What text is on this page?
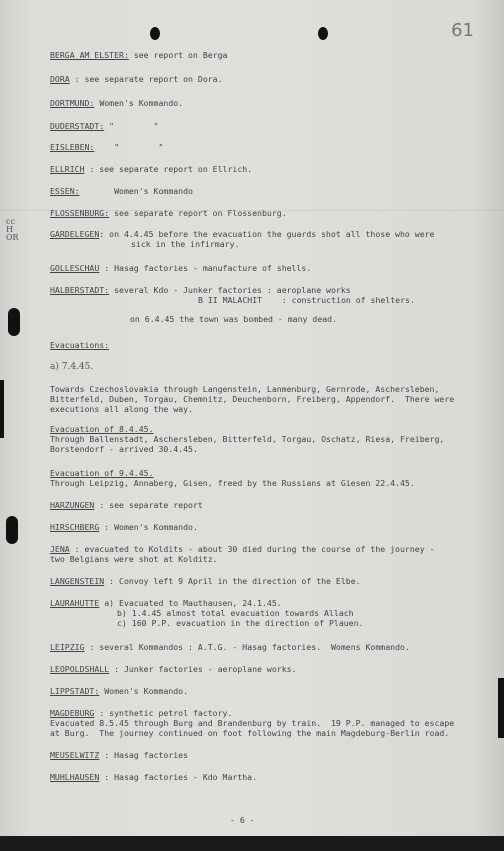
61
cc
H
OR
BERGA AM ELSTER: see report on Berga
DORA : see separate report on Dora.
DORTMUND: Women's Kommando.
DUDERSTADT: "        "
EISLEBEN: "        "
ELLRICH : see separate report on Ellrich.
ESSEN:	Women's Kommando
FLOSSENBURG: see separate report on Flossenburg.
GARDELEGEN: on 4.4.45 before the evacuation the guards shot all those who were
sick in the infirmary.
GOLLESCHAU : Hasag factories - manufacture of shells.
HALBERSTADT: several Kdo - Junker factories : aeroplane works
B II MALACHIT    : construction of shelters.
on 6.4.45 the town was bombed - many dead.
Evacuations:
a) 7.4.45.
Towards Czechoslovakia through Langenstein, Lanmenburg, Gernrode, Aschersleben,
Bitterfeld, Duben, Torgau, Chemnitz, Deuchenborn, Freiberg, Appendorf.  There were
executions all along the way.
Evacuation of 8.4.45.
Through Ballenstadt, Aschersleben, Bitterfeld, Torgau, Oschatz, Riesa, Freiberg,
Borstendorf - arrived 30.4.45.
Evacuation of 9.4.45.
Through Leipzig, Annaberg, Gisen, freed by the Russians at Giesen 22.4.45.
HARZUNGEN : see separate report
HIRSCHBERG : Women's Kommando.
JENA : evacuated to Koldits - about 30 died during the course of the journey -
two Belgians were shot at Kolditz.
LANGENSTEIN : Convoy left 9 April in the direction of the Elbe.
LAURAHUTTE a) Evacuated to Mauthausen, 24.1.45.
b) 1.4.45 almost total evacuation towards Allach
c) 160 P.P. evacuation in the direction of Plauen.
LEIPZIG : several Kommandos : A.T.G. - Hasag factories.  Womens Kommando.
LEOPOLDSHALL : Junker factories - aeroplane works.
LIPPSTADT: Women's Kommando.
MAGDEBURG : synthetic petrol factory.
Evacuated 8.5.45 through Burg and Brandenburg by train.  19 P.P. managed to escape
at Burg.  The journey continued on foot following the main Magdeburg-Berlin road.
MEUSELWITZ : Hasag factories
MUHLHAUSEN : Hasag factories - Kdo Martha.
- 6 -
